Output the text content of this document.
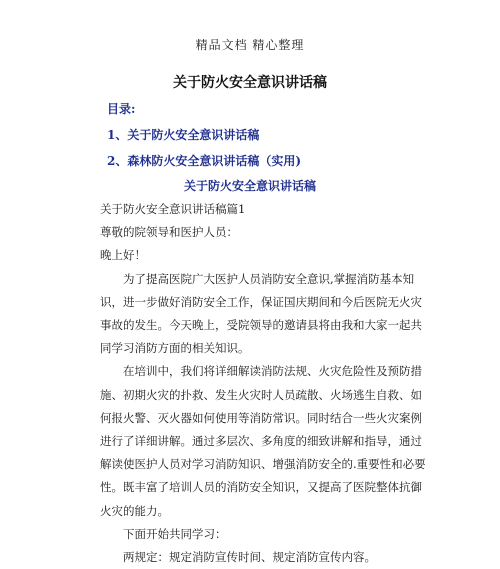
精品文档 精心整理
关于防火安全意识讲话稿
目录:
1、关于防火安全意识讲话稿
2、森林防火安全意识讲话稿（实用)
关于防火安全意识讲话稿

关于防火安全意识讲话稿篇1

尊敬的院领导和医护人员：

晚上好！

为了提高医院广大医护人员消防安全意识,掌握消防基本知识，进一步做好消防安全工作，保证国庆期间和今后医院无火灾事故的发生。今天晚上，受院领导的邀请县将由我和大家一起共同学习消防方面的相关知识。

在培训中，我们将详细解读消防法规、火灾危险性及预防措施、初期火灾的扑救、发生火灾时人员疏散、火场逃生自救、如何报火警、灭火器如何使用等消防常识。同时结合一些火灾案例进行了详细讲解。通过多层次、多角度的细致讲解和指导，通过解读使医护人员对学习消防知识、增强消防安全的.重要性和必要性。既丰富了培训人员的消防安全知识，又提高了医院整体抗御火灾的能力。

下面开始共同学习：

两规定：规定消防宣传时间、规定消防宣传内容。
